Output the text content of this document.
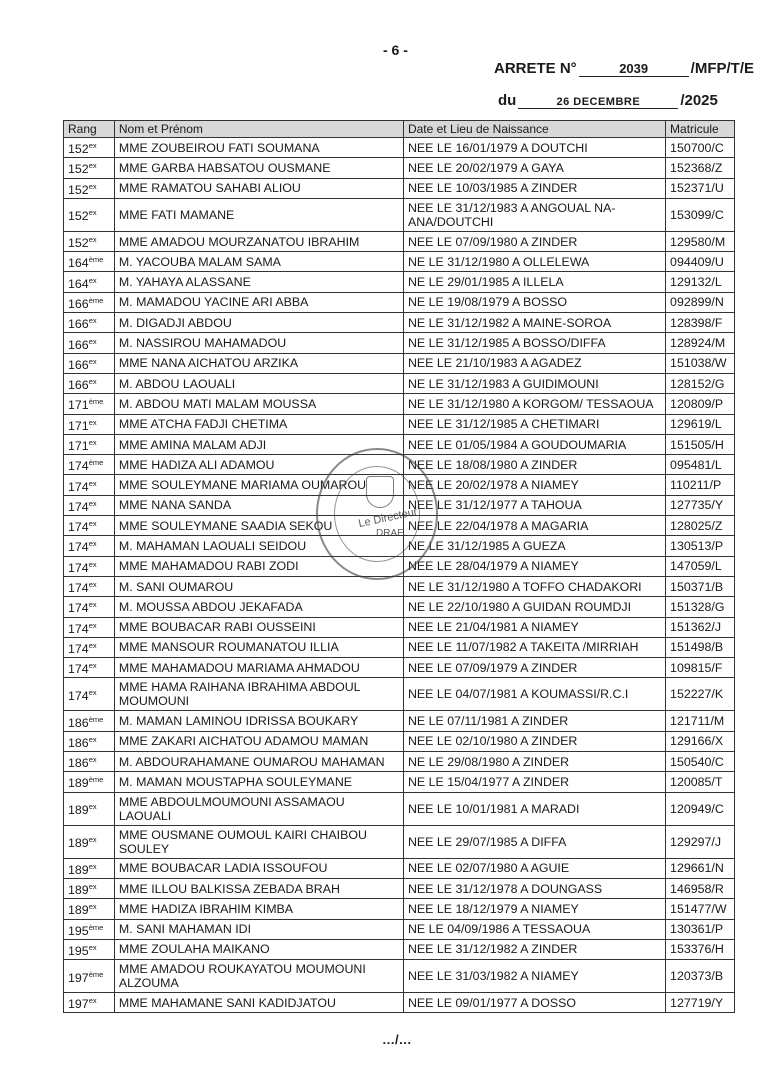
- 6 -
ARRETE N°	2039	/MFP/T/E
du	26 DECEMBRE	/2025
Rang	Nom et Prénom	Date et Lieu de Naissance	Matricule
$152^{ex}$	MME ZOUBEIROU FATI SOUMANA	NEE LE 16/01/1979 A DOUTCHI	150700/C
$152^{ex}$	MME GARBA HABSATOU OUSMANE	NEE LE 20/02/1979 A GAYA	152368/Z
$152^{ex}$	MME RAMATOU SAHABI ALIOU	NEE LE 10/03/1985 A ZINDER	152371/U
$152^{ex}$	MME FATI MAMANE	NEE LE 31/12/1983 A ANGOUAL NA-ANA/DOUTCHI	153099/C
$152^{ex}$	MME AMADOU MOURZANATOU IBRAHIM	NEE LE 07/09/1980 A ZINDER	129580/M
164ème	M. YACOUBA MALAM SAMA	NE LE 31/12/1980 A OLLELEWA	094409/U
$164^{ex}$	M. YAHAYA ALASSANE	NE LE 29/01/1985 A ILLELA	129132/L
166ème	M. MAMADOU YACINE ARI ABBA	NE LE 19/08/1979 A BOSSO	092899/N
$166^{ex}$	M. DIGADJI ABDOU	NE LE 31/12/1982 A MAINE-SOROA	128398/F
$166^{ex}$	M. NASSIROU MAHAMADOU	NE LE 31/12/1985 A BOSSO/DIFFA	128924/M
$166^{ex}$	MME NANA AICHATOU ARZIKA	NEE LE 21/10/1983 A AGADEZ	151038/W
$166^{ex}$	M. ABDOU LAOUALI	NE LE 31/12/1983 A GUIDIMOUNI	128152/G
171ème	M. ABDOU MATI MALAM MOUSSA	NE LE 31/12/1980 A KORGOM/ TESSAOUA	120809/P
$171^{ex}$	MME ATCHA FADJI CHETIMA	NEE LE 31/12/1985 A CHETIMARI	129619/L
$171^{ex}$	MME AMINA MALAM ADJI	NEE LE 01/05/1984 A GOUDOUMARIA	151505/H
174ème	MME HADIZA ALI ADAMOU	NEE LE 18/08/1980 A ZINDER	095481/L
$174^{ex}$	MME SOULEYMANE MARIAMA OUMAROU	NEE LE 20/02/1978 A NIAMEY	110211/P
$174^{ex}$	MME NANA SANDA	NEE LE 31/12/1977 A TAHOUA	127735/Y
$174^{ex}$	MME SOULEYMANE SAADIA SEKOU	NEE LE 22/04/1978 A MAGARIA	128025/Z
$174^{ex}$	M. MAHAMAN LAOUALI SEIDOU	NE LE 31/12/1985 A GUEZA	130513/P
$174^{ex}$	MME MAHAMADOU RABI ZODI	NEE LE 28/04/1979 A NIAMEY	147059/L
$174^{ex}$	M. SANI OUMAROU	NE LE 31/12/1980 A TOFFO CHADAKORI	150371/B
$174^{ex}$	M. MOUSSA ABDOU JEKAFADA	NE LE 22/10/1980 A GUIDAN ROUMDJI	151328/G
$174^{ex}$	MME BOUBACAR RABI OUSSEINI	NEE LE 21/04/1981 A NIAMEY	151362/J
$174^{ex}$	MME MANSOUR ROUMANATOU ILLIA	NEE LE 11/07/1982 A TAKEITA /MIRRIAH	151498/B
$174^{ex}$	MME MAHAMADOU MARIAMA AHMADOU	NEE LE 07/09/1979 A ZINDER	109815/F
$174^{ex}$	MME HAMA RAIHANA IBRAHIMA ABDOUL MOUMOUNI	NEE LE 04/07/1981 A KOUMASSI/R.C.I	152227/K
186ème	M. MAMAN LAMINOU IDRISSA BOUKARY	NE LE 07/11/1981 A ZINDER	121711/M
$186^{ex}$	MME ZAKARI AICHATOU ADAMOU MAMAN	NEE LE 02/10/1980 A ZINDER	129166/X
$186^{ex}$	M. ABDOURAHAMANE OUMAROU MAHAMAN	NE LE 29/08/1980 A ZINDER	150540/C
189ème	M. MAMAN MOUSTAPHA SOULEYMANE	NE LE 15/04/1977 A ZINDER	120085/T
$189^{ex}$	MME ABDOULMOUMOUNI ASSAMAOU LAOUALI	NEE LE 10/01/1981 A MARADI	120949/C
$189^{ex}$	MME OUSMANE OUMOUL KAIRI CHAIBOU SOULEY	NEE LE 29/07/1985 A DIFFA	129297/J
$189^{ex}$	MME BOUBACAR LADIA ISSOUFOU	NEE LE 02/07/1980 A AGUIE	129661/N
$189^{ex}$	MME ILLOU BALKISSA ZEBADA BRAH	NEE LE 31/12/1978 A DOUNGASS	146958/R
$189^{ex}$	MME HADIZA IBRAHIM KIMBA	NEE LE 18/12/1979 A NIAMEY	151477/W
195ème	M. SANI MAHAMAN IDI	NE LE 04/09/1986 A TESSAOUA	130361/P
$195^{ex}$	MME ZOULAHA MAIKANO	NEE LE 31/12/1982 A ZINDER	153376/H
197ème	MME AMADOU ROUKAYATOU MOUMOUNI ALZOUMA	NEE LE 31/03/1982 A NIAMEY	120373/B
$197^{ex}$	MME MAHAMANE SANI KADIDJATOU	NEE LE 09/01/1977 A DOSSO	127719/Y
Le Directeur
DRAE
…/…
